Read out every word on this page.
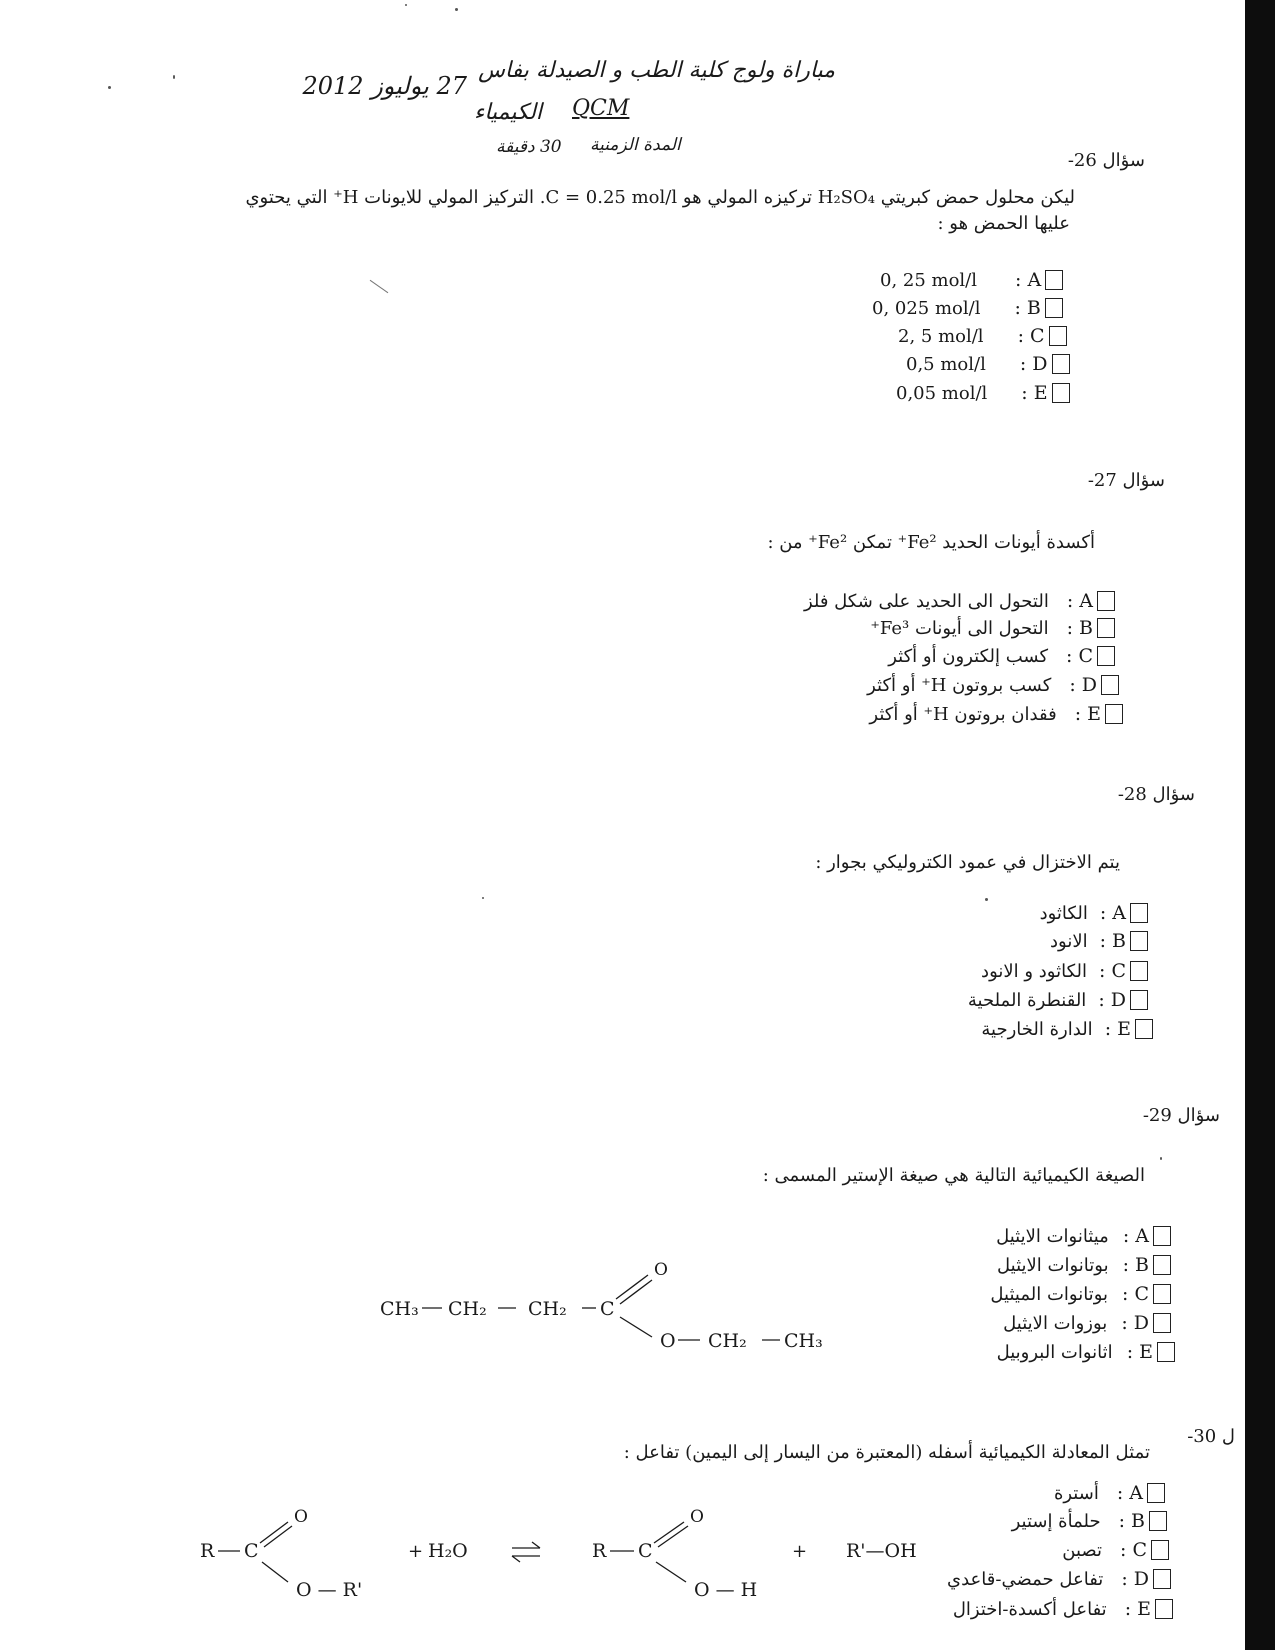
مباراة ولوج كلية الطب و الصيدلة بفاس
27 يوليوز 2012
QCM
الكيمياء
المدة الزمنية
30 دقيقة
سؤال 26-
ليكن محلول حمض كبريتي H₂SO₄ تركيزه المولي هو C = 0.25 mol/l. التركيز المولي للايونات H⁺ التي يحتوي
عليها الحمض هو :
0, 25 mol/l : A
0, 025 mol/l : B
2, 5 mol/l : C
0,5 mol/l : D
0,05 mol/l : E
سؤال 27-
أكسدة أيونات الحديد Fe²⁺ تمكن Fe²⁺ من :
التحول الى الحديد على شكل فلز : A
التحول الى أيونات Fe³⁺ : B
كسب إلكترون أو أكثر : C
كسب بروتون H⁺ أو أكثر : D
فقدان بروتون H⁺ أو أكثر : E
سؤال 28-
يتم الاختزال في عمود الكتروليكي بجوار :
الكاثود : A
الانود : B
الكاثود و الانود : C
القنطرة الملحية : D
الدارة الخارجية : E
سؤال 29-
الصيغة الكيميائية التالية هي صيغة الإستير المسمى :
ميثانوات الايثيل : A
بوتانوات الايثيل : B
بوتانوات الميثيل : C
بوزوات الايثيل : D
اثانوات البروبيل : E
CH₃ CH₂ CH₂ C
O
O CH₂ CH₃
ل 30-
تمثل المعادلة الكيميائية أسفله (المعتبرة من اليسار إلى اليمين) تفاعل :
أسترة : A
حلمأة إستير : B
تصبن : C
تفاعل حمضي-قاعدي : D
تفاعل أكسدة-اختزال : E
R C
O
O — R'
+ H₂O	R C
O
O — H
+ R'—OH
